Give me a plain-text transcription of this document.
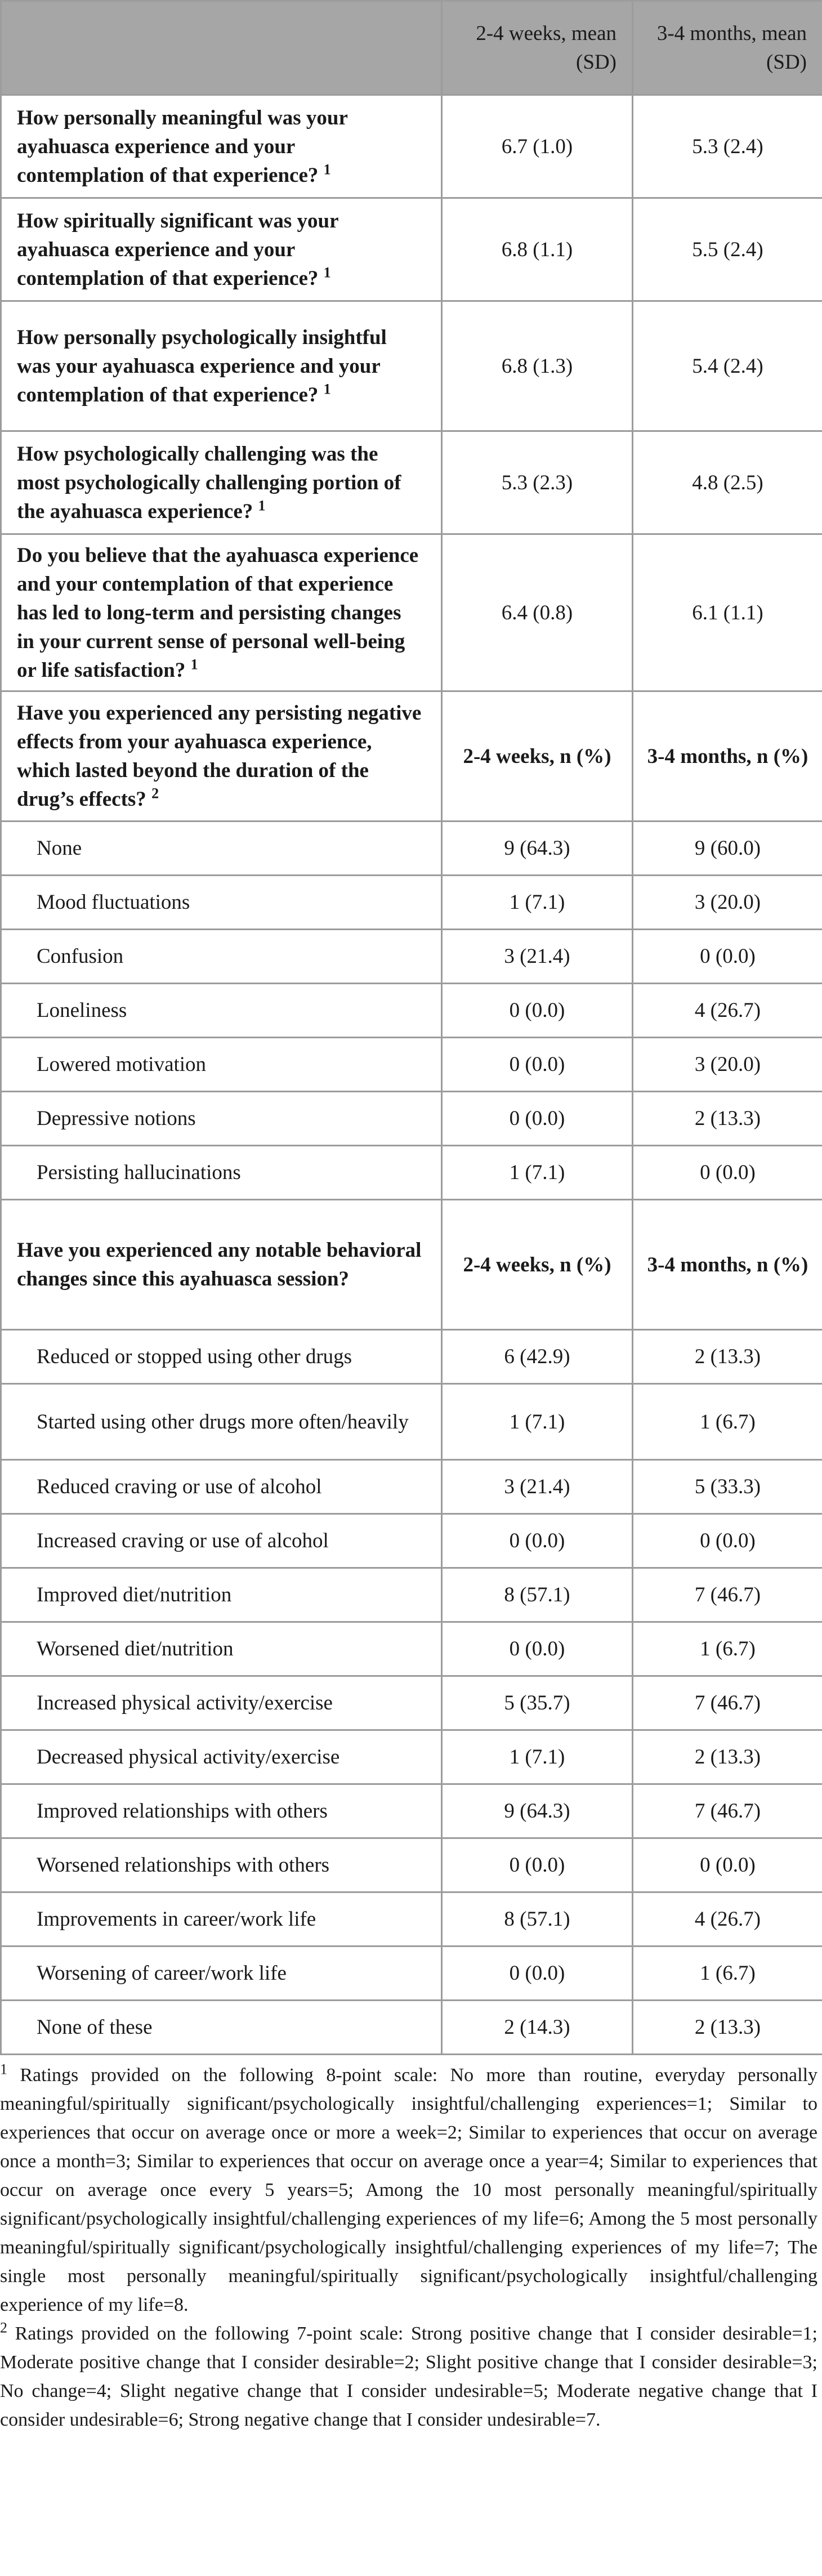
	2-4 weeks, mean (SD)	3-4 months, mean (SD)
How personally meaningful was your ayahuasca experience and your contemplation of that experience? $^1$	6.7 (1.0)	5.3 (2.4)
How spiritually significant was your ayahuasca experience and your contemplation of that experience? $^1$	6.8 (1.1)	5.5 (2.4)
How personally psychologically insightful was your ayahuasca experience and your contemplation of that experience? $^1$	6.8 (1.3)	5.4 (2.4)
How psychologically challenging was the most psychologically challenging portion of the ayahuasca experience? $^1$	5.3 (2.3)	4.8 (2.5)
Do you believe that the ayahuasca experience and your contemplation of that experience has led to long-term and persisting changes in your current sense of personal well-being or life satisfaction? $^1$	6.4 (0.8)	6.1 (1.1)
Have you experienced any persisting negative effects from your ayahuasca experience, which lasted beyond the duration of the drug’s effects? $^2$	2-4 weeks, n (%)	3-4 months, n (%)
None	9 (64.3)	9 (60.0)
Mood fluctuations	1 (7.1)	3 (20.0)
Confusion	3 (21.4)	0 (0.0)
Loneliness	0 (0.0)	4 (26.7)
Lowered motivation	0 (0.0)	3 (20.0)
Depressive notions	0 (0.0)	2 (13.3)
Persisting hallucinations	1 (7.1)	0 (0.0)
Have you experienced any notable behavioral changes since this ayahuasca session?	2-4 weeks, n (%)	3-4 months, n (%)
Reduced or stopped using other drugs	6 (42.9)	2 (13.3)
Started using other drugs more often/heavily	1 (7.1)	1 (6.7)
Reduced craving or use of alcohol	3 (21.4)	5 (33.3)
Increased craving or use of alcohol	0 (0.0)	0 (0.0)
Improved diet/nutrition	8 (57.1)	7 (46.7)
Worsened diet/nutrition	0 (0.0)	1 (6.7)
Increased physical activity/exercise	5 (35.7)	7 (46.7)
Decreased physical activity/exercise	1 (7.1)	2 (13.3)
Improved relationships with others	9 (64.3)	7 (46.7)
Worsened relationships with others	0 (0.0)	0 (0.0)
Improvements in career/work life	8 (57.1)	4 (26.7)
Worsening of career/work life	0 (0.0)	1 (6.7)
None of these	2 (14.3)	2 (13.3)

$^1$ Ratings provided on the following 8-point scale: No more than routine, everyday personally meaningful/spiritually significant/psychologically insightful/challenging experiences=1; Similar to experiences that occur on average once or more a week=2; Similar to experiences that occur on average once a month=3; Similar to experiences that occur on average once a year=4; Similar to experiences that occur on average once every 5 years=5; Among the 10 most personally meaningful/spiritually significant/psychologically insightful/challenging experiences of my life=6; Among the 5 most personally meaningful/spiritually significant/psychologically insightful/challenging experiences of my life=7; The single most personally meaningful/spiritually significant/psychologically insightful/challenging experience of my life=8.

$^2$ Ratings provided on the following 7-point scale: Strong positive change that I consider desirable=1; Moderate positive change that I consider desirable=2; Slight positive change that I consider desirable=3; No change=4; Slight negative change that I consider undesirable=5; Moderate negative change that I consider undesirable=6; Strong negative change that I consider undesirable=7.
